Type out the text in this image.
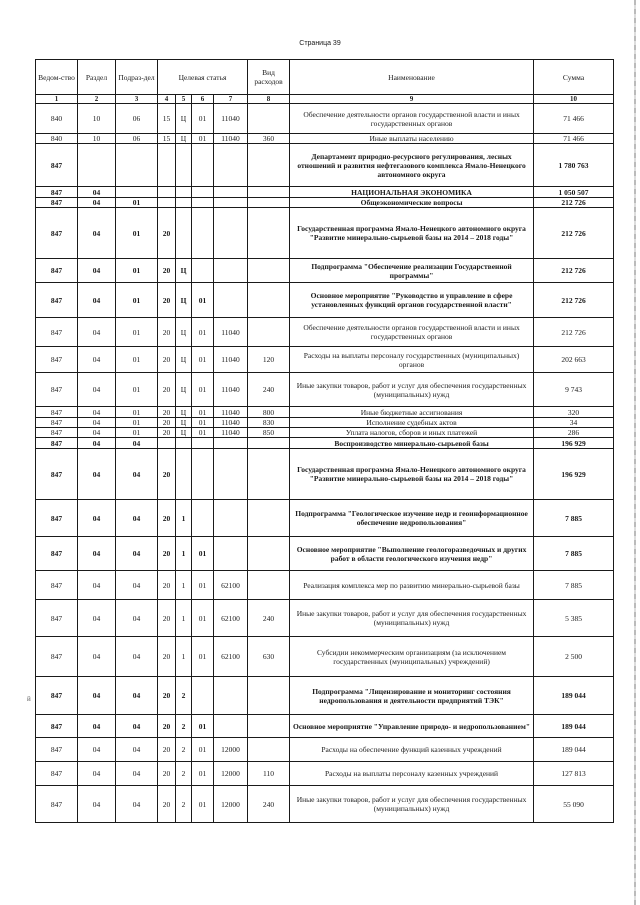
Страница 39
й
Ведом-ство	Раздел	Подраз-дел	Целевая статья				Вид расходов	Наименование	Сумма
1	2	3	4	5	6	7	8	9	10
840	10	06	15	Ц	01	11040		Обеспечение деятельности органов государственной власти и иных государственных органов	71 466
840	10	06	15	Ц	01	11040	360	Иные выплаты населению	71 466
847								Департамент природно-ресурсного регулирования, лесных отношений и развития нефтегазового комплекса Ямало-Ненецкого автономного округа	1 780 763
847	04							НАЦИОНАЛЬНАЯ ЭКОНОМИКА	1 050 507
847	04	01						Общеэкономические вопросы	212 726
847	04	01	20					Государственная программа Ямало-Ненецкого автономного округа "Развитие минерально-сырьевой базы на 2014 – 2018 годы"	212 726
847	04	01	20	Ц				Подпрограмма "Обеспечение реализации Государственной программы"	212 726
847	04	01	20	Ц	01			Основное мероприятие "Руководство и управление в сфере установленных функций органов государственной власти"	212 726
847	04	01	20	Ц	01	11040		Обеспечение деятельности органов государственной власти и иных государственных органов	212 726
847	04	01	20	Ц	01	11040	120	Расходы на выплаты персоналу государственных (муниципальных) органов	202 663
847	04	01	20	Ц	01	11040	240	Иные закупки товаров, работ и услуг для обеспечения государственных (муниципальных) нужд	9 743
847	04	01	20	Ц	01	11040	800	Иные бюджетные ассигнования	320
847	04	01	20	Ц	01	11040	830	Исполнение судебных актов	34
847	04	01	20	Ц	01	11040	850	Уплата налогов, сборов и иных платежей	286
847	04	04						Воспроизводство минерально-сырьевой базы	196 929
847	04	04	20					Государственная программа Ямало-Ненецкого автономного округа "Развитие минерально-сырьевой базы на 2014 – 2018 годы"	196 929
847	04	04	20	1				Подпрограмма "Геологическое изучение недр и геоинформационное обеспечение недропользования"	7 885
847	04	04	20	1	01			Основное мероприятие "Выполнение геологоразведочных и других работ в области геологического изучения недр"	7 885
847	04	04	20	1	01	62100		Реализация комплекса мер по развитию минерально-сырьевой базы	7 885
847	04	04	20	1	01	62100	240	Иные закупки товаров, работ и услуг для обеспечения государственных (муниципальных) нужд	5 385
847	04	04	20	1	01	62100	630	Субсидии некоммерческим организациям (за исключением государственных (муниципальных) учреждений)	2 500
847	04	04	20	2				Подпрограмма "Лицензирование и мониторинг состояния недропользования и деятельности предприятий ТЭК"	189 044
847	04	04	20	2	01			Основное мероприятие "Управление природо- и недропользованием"	189 044
847	04	04	20	2	01	12000		Расходы на обеспечение функций казенных учреждений	189 044
847	04	04	20	2	01	12000	110	Расходы на выплаты персоналу казенных учреждений	127 813
847	04	04	20	2	01	12000	240	Иные закупки товаров, работ и услуг для обеспечения государственных (муниципальных) нужд	55 090
